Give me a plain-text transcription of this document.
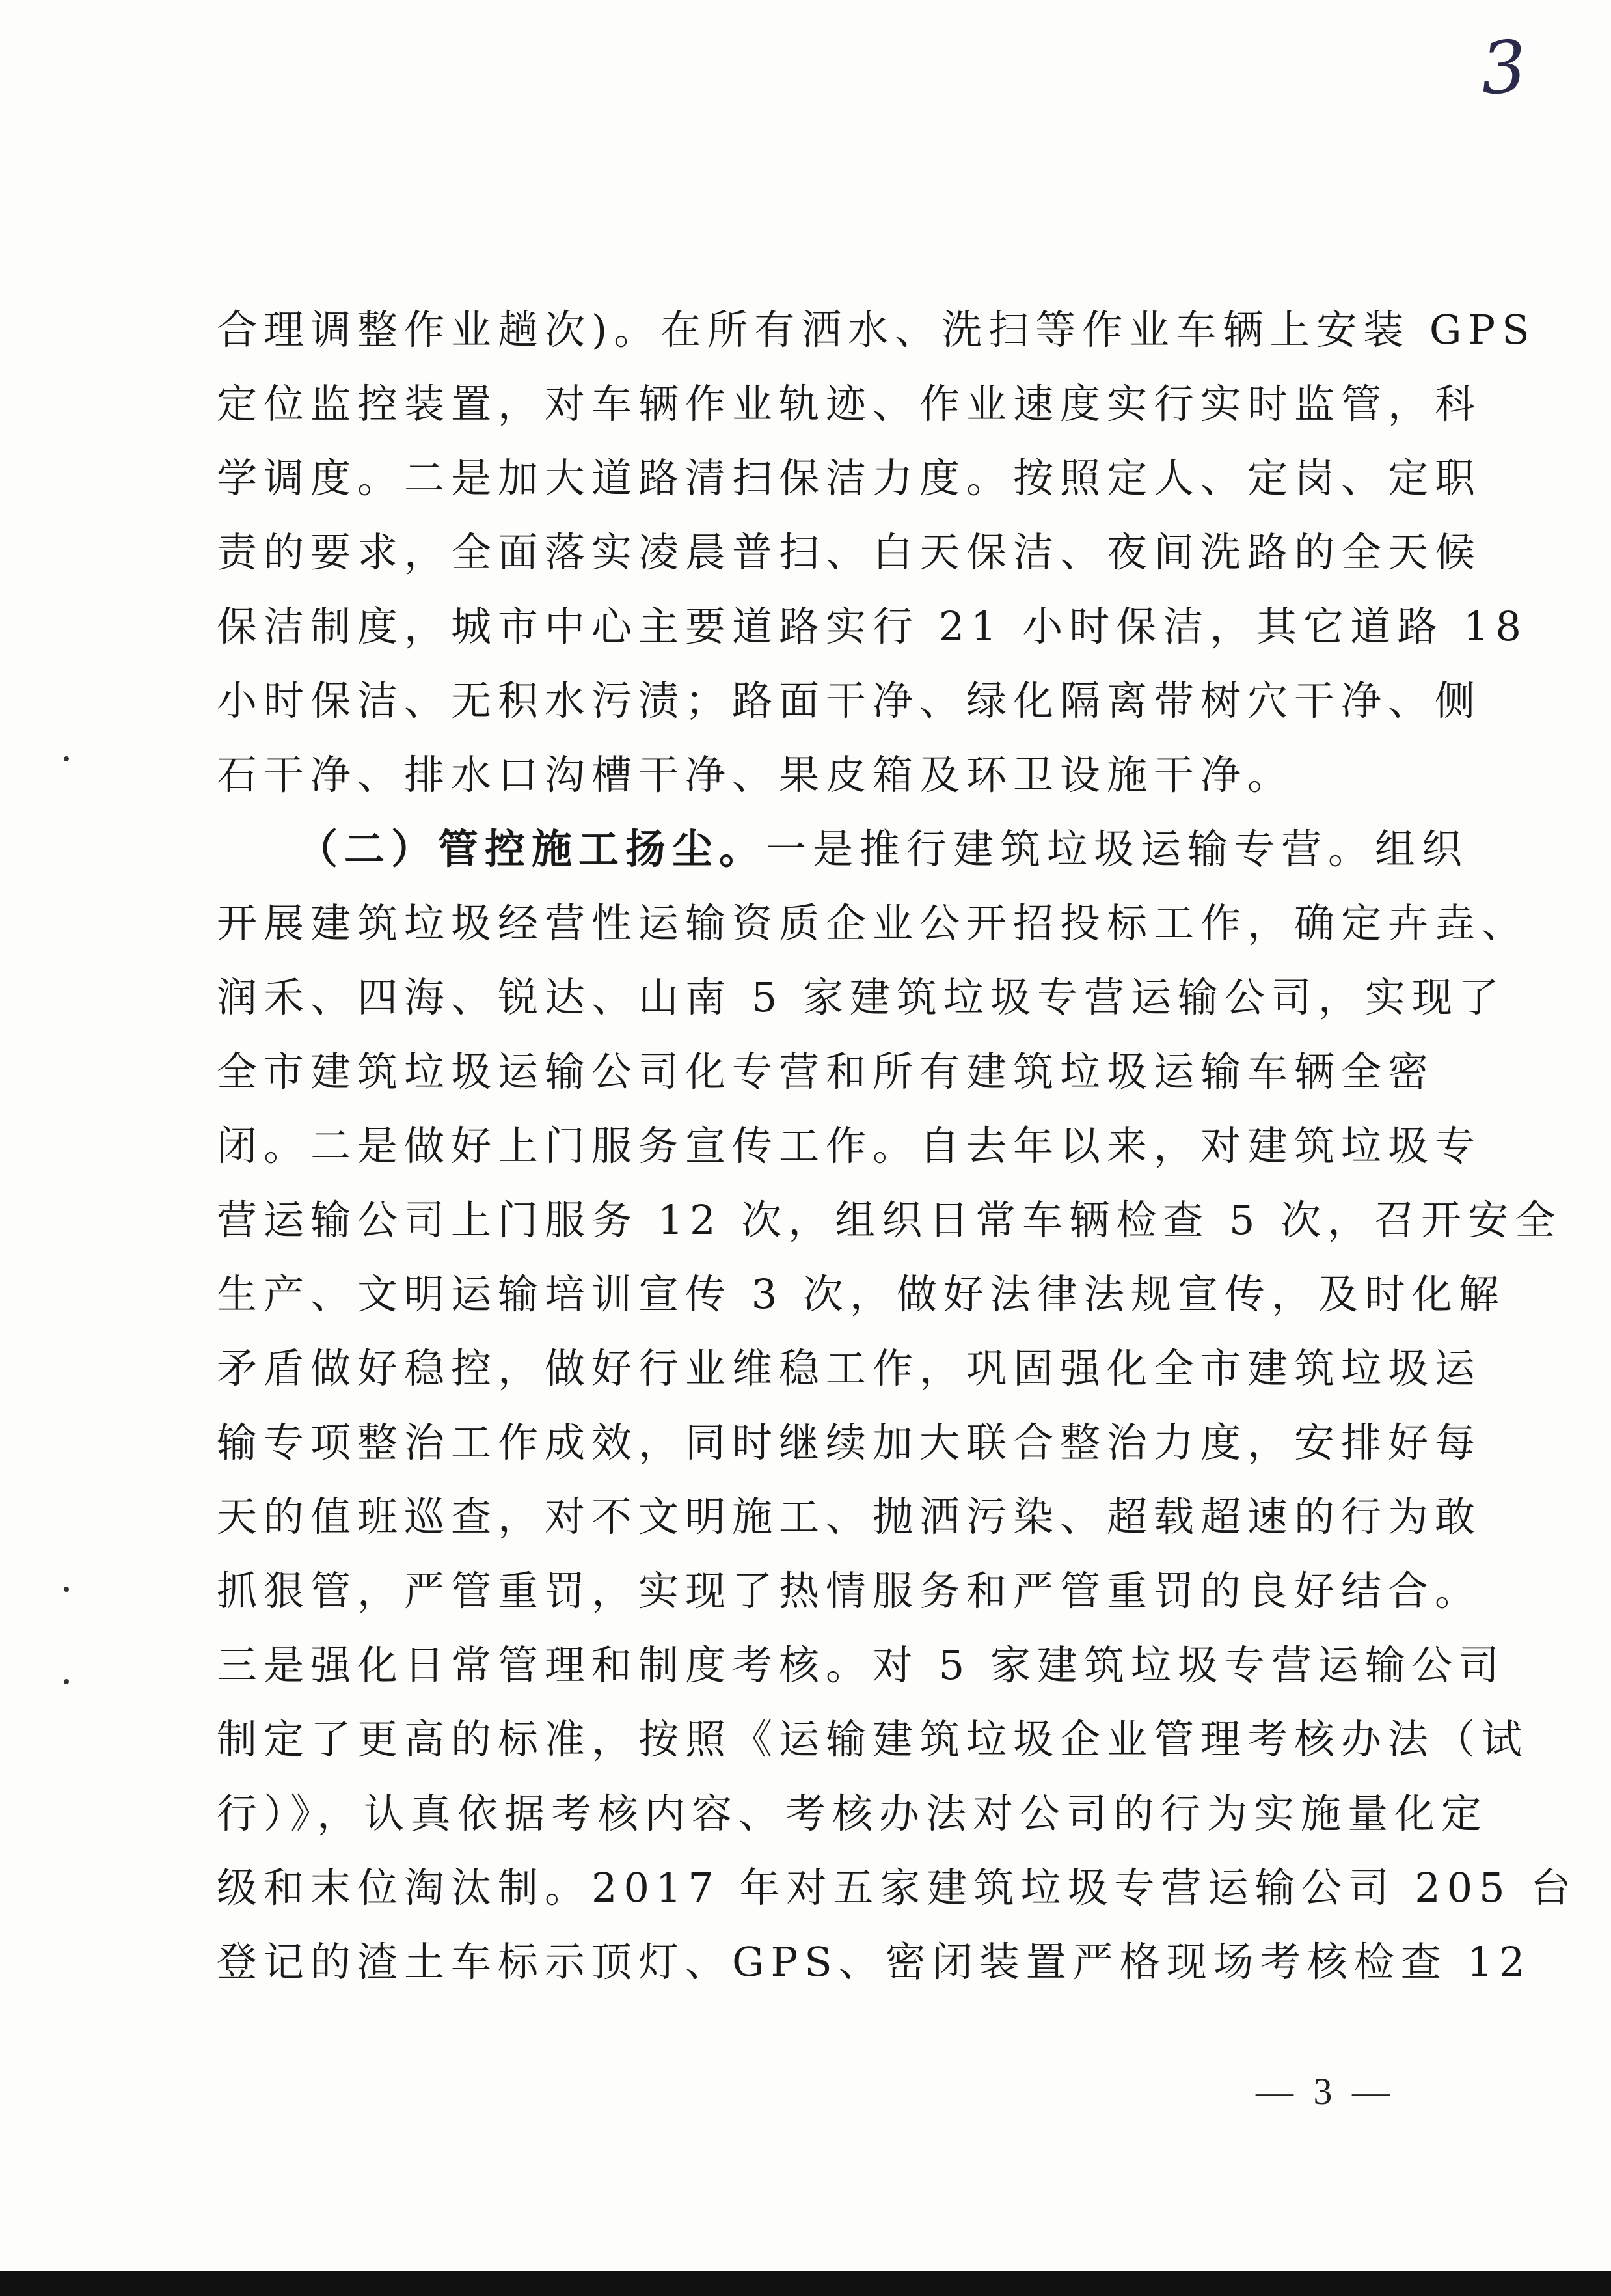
3
合理调整作业趟次)。在所有洒水、洗扫等作业车辆上安装 GPS
定位监控装置，对车辆作业轨迹、作业速度实行实时监管，科
学调度。二是加大道路清扫保洁力度。按照定人、定岗、定职
责的要求，全面落实凌晨普扫、白天保洁、夜间洗路的全天候
保洁制度，城市中心主要道路实行 21 小时保洁，其它道路 18
小时保洁、无积水污渍；路面干净、绿化隔离带树穴干净、侧
石干净、排水口沟槽干净、果皮箱及环卫设施干净。
（二）管控施工扬尘。一是推行建筑垃圾运输专营。组织
开展建筑垃圾经营性运输资质企业公开招投标工作，确定卉垚、
润禾、四海、锐达、山南 5 家建筑垃圾专营运输公司，实现了
全市建筑垃圾运输公司化专营和所有建筑垃圾运输车辆全密
闭。二是做好上门服务宣传工作。自去年以来，对建筑垃圾专
营运输公司上门服务 12 次，组织日常车辆检查 5 次，召开安全
生产、文明运输培训宣传 3 次，做好法律法规宣传，及时化解
矛盾做好稳控，做好行业维稳工作，巩固强化全市建筑垃圾运
输专项整治工作成效，同时继续加大联合整治力度，安排好每
天的值班巡查，对不文明施工、抛洒污染、超载超速的行为敢
抓狠管，严管重罚，实现了热情服务和严管重罚的良好结合。
三是强化日常管理和制度考核。对 5 家建筑垃圾专营运输公司
制定了更高的标准，按照《运输建筑垃圾企业管理考核办法（试
行）》，认真依据考核内容、考核办法对公司的行为实施量化定
级和末位淘汰制。2017 年对五家建筑垃圾专营运输公司 205 台
登记的渣土车标示顶灯、GPS、密闭装置严格现场考核检查 12
— 3 —
